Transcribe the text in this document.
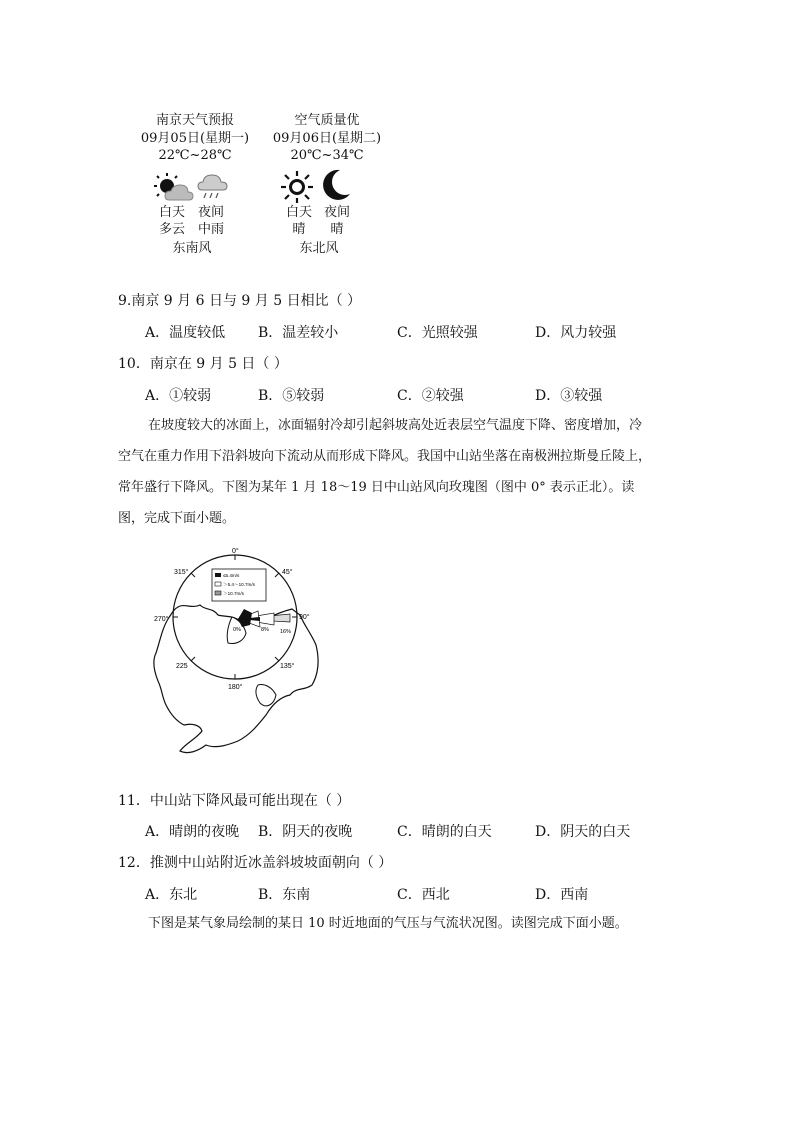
南京天气预报
09月05日(星期一)
22℃~28℃
白天 夜间
多云 中雨
东南风
空气质量优
09月06日(星期二)
20℃~34℃
白天 夜间
晴	晴
东北风
9.南京 9 月 6 日与 9 月 5 日相比（ ）
A．温度较低 B．温差较小	C．光照较强	D．风力较强
10．南京在 9 月 5 日（ ）
A．①较弱	B．⑤较弱	C．②较强	D．③较强
在坡度较大的冰面上，冰面辐射冷却引起斜坡高处近表层空气温度下降、密度增加，冷
空气在重力作用下沿斜坡向下流动从而形成下降风。我国中山站坐落在南极洲拉斯曼丘陵上，
常年盛行下降风。下图为某年 1 月 18～19 日中山站风向玫瑰图（图中 0° 表示正北）。读
图，完成下面小题。
0°
45°
90°
135°
180°
225
270°
315°	≤5.4m/s
＞5.4～10.7m/s
＞10.7m/s
0%	8% 16%
11．中山站下降风最可能出现在（ ）
A．晴朗的夜晚 B．阴天的夜晚	C．晴朗的白天	D．阴天的白天
12．推测中山站附近冰盖斜坡坡面朝向（ ）
A．东北	B．东南	C．西北	D．西南
下图是某气象局绘制的某日 10 时近地面的气压与气流状况图。读图完成下面小题。
